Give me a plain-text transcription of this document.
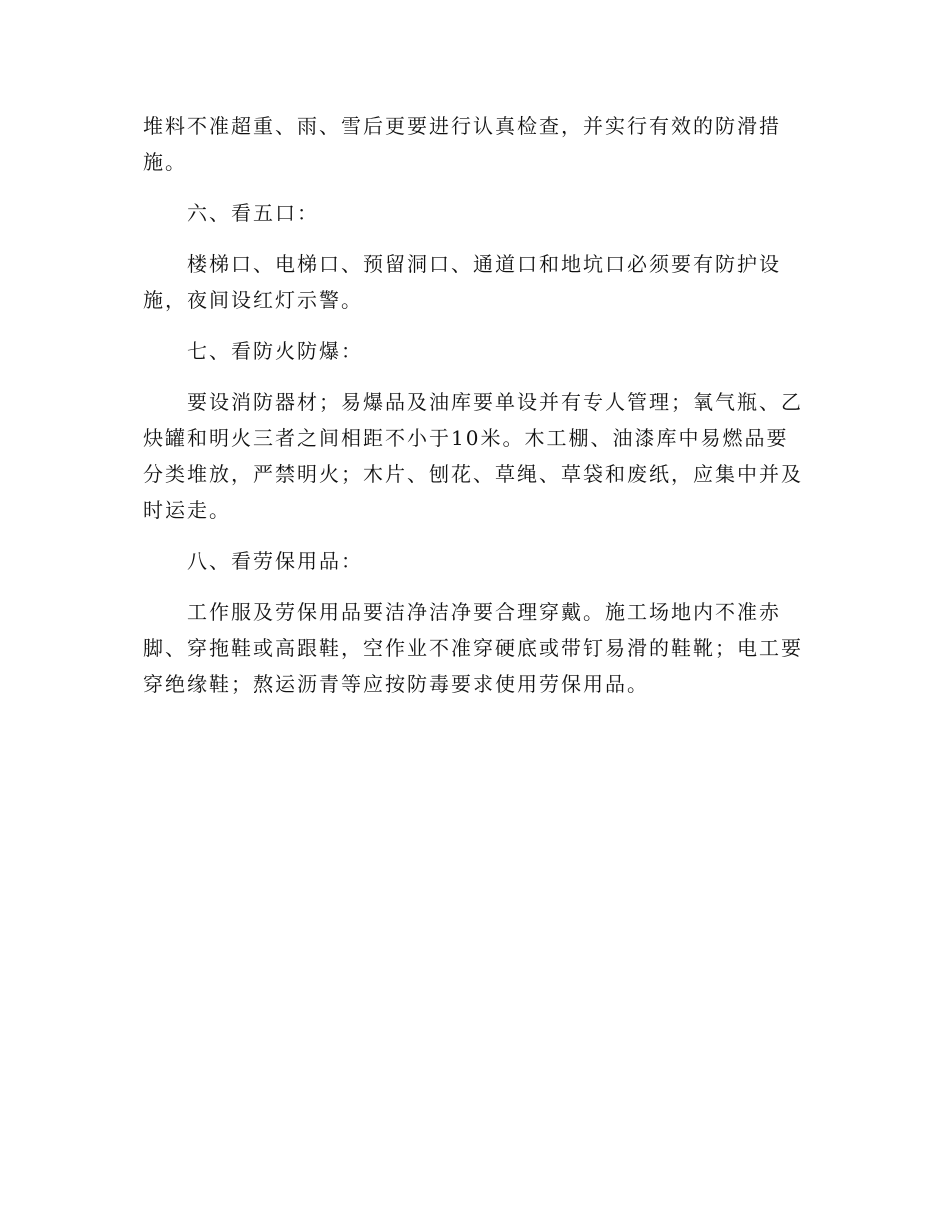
堆料不准超重、雨、雪后更要进行认真检查，并实行有效的防滑措施。

六、看五口：

楼梯口、电梯口、预留洞口、通道口和地坑口必须要有防护设施，夜间设红灯示警。

七、看防火防爆：

要设消防器材；易爆品及油库要单设并有专人管理；氧气瓶、乙炔罐和明火三者之间相距不小于10米。木工棚、油漆库中易燃品要分类堆放，严禁明火；木片、刨花、草绳、草袋和废纸，应集中并及时运走。

八、看劳保用品：

工作服及劳保用品要洁净洁净要合理穿戴。施工场地内不准赤脚、穿拖鞋或高跟鞋，空作业不准穿硬底或带钉易滑的鞋靴；电工要穿绝缘鞋；熬运沥青等应按防毒要求使用劳保用品。
